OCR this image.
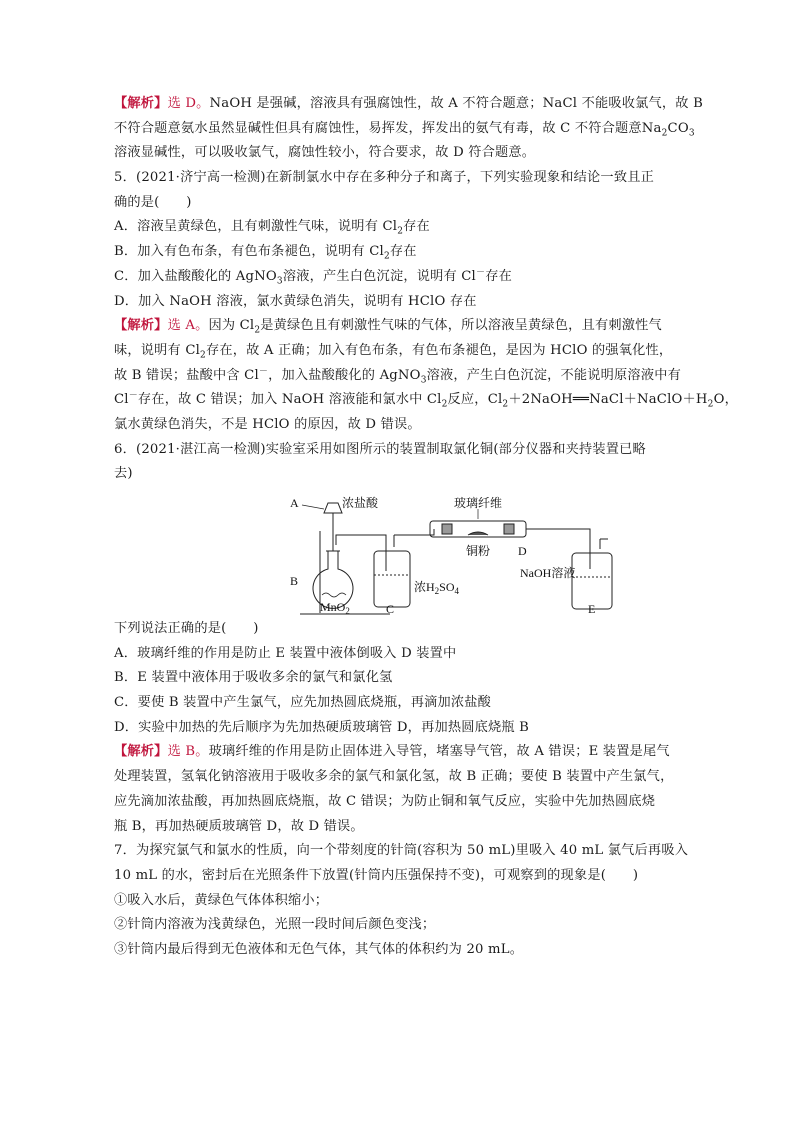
【解析】选 D。NaOH 是强碱，溶液具有强腐蚀性，故 A 不符合题意；NaCl 不能吸收氯气，故 B
不符合题意氨水虽然显碱性但具有腐蚀性，易挥发，挥发出的氨气有毒，故 C 不符合题意$Na_2CO_3$
溶液显碱性，可以吸收氯气，腐蚀性较小，符合要求，故 D 符合题意。
5．(2021·济宁高一检测)在新制氯水中存在多种分子和离子，下列实验现象和结论一致且正
确的是(　　)
A．溶液呈黄绿色，且有刺激性气味，说明有 $Cl_2$存在
B．加入有色布条，有色布条褪色，说明有 $Cl_2$存在
C．加入盐酸酸化的 AgNO$_3$溶液，产生白色沉淀，说明有 Cl－存在
D．加入 NaOH 溶液，氯水黄绿色消失，说明有 HClO 存在
【解析】选 A。因为 $Cl_2$是黄绿色且有刺激性气味的气体，所以溶液呈黄绿色，且有刺激性气
味，说明有 $Cl_2$存在，故 A 正确；加入有色布条，有色布条褪色，是因为 HClO 的强氧化性，
故 B 错误；盐酸中含 Cl－，加入盐酸酸化的 AgNO$_3$溶液，产生白色沉淀，不能说明原溶液中有
Cl－存在，故 C 错误；加入 NaOH 溶液能和氯水中 $Cl_2$反应，$Cl_2+2NaOH══NaCl+NaClO+H_2O$，
氯水黄绿色消失，不是 HClO 的原因，故 D 错误。
6．(2021·湛江高一检测)实验室采用如图所示的装置制取氯化铜(部分仪器和夹持装置已略
去)
A	浓盐酸	玻璃纤维
铜粉 D
B
MnO$_2$	C
浓$H_2SO_4$
NaOH溶液
E
下列说法正确的是(　　)
A．玻璃纤维的作用是防止 E 装置中液体倒吸入 D 装置中
B．E 装置中液体用于吸收多余的氯气和氯化氢
C．要使 B 装置中产生氯气，应先加热圆底烧瓶，再滴加浓盐酸
D．实验中加热的先后顺序为先加热硬质玻璃管 D，再加热圆底烧瓶 B
【解析】选 B。玻璃纤维的作用是防止固体进入导管，堵塞导气管，故 A 错误；E 装置是尾气
处理装置，氢氧化钠溶液用于吸收多余的氯气和氯化氢，故 B 正确；要使 B 装置中产生氯气，
应先滴加浓盐酸，再加热圆底烧瓶，故 C 错误；为防止铜和氧气反应，实验中先加热圆底烧
瓶 B，再加热硬质玻璃管 D，故 D 错误。
7．为探究氯气和氯水的性质，向一个带刻度的针筒(容积为 50 mL)里吸入 40 mL 氯气后再吸入
10 mL 的水，密封后在光照条件下放置(针筒内压强保持不变)，可观察到的现象是(　　)
①吸入水后，黄绿色气体体积缩小；
②针筒内溶液为浅黄绿色，光照一段时间后颜色变浅；
③针筒内最后得到无色液体和无色气体，其气体的体积约为 20 mL。
